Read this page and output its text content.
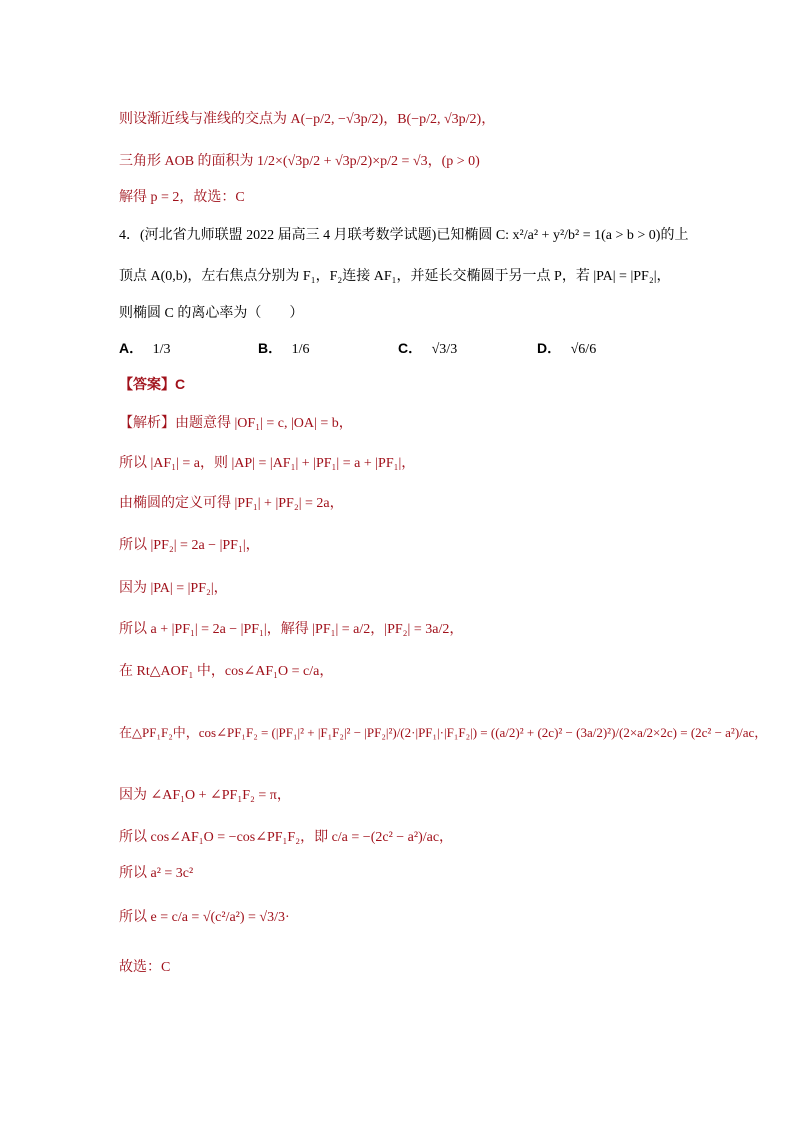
则设渐近线与准线的交点为 A(−p/2, −√3p/2)，B(−p/2, √3p/2)，
三角形 AOB 的面积为 1/2×(√3p/2 + √3p/2)×p/2 = √3，(p > 0)
解得 p = 2，故选：C
4．(河北省九师联盟 2022 届高三 4 月联考数学试题)已知椭圆 C: x²/a² + y²/b² = 1(a > b > 0)的上
顶点 A(0,b)，左右焦点分别为 F₁，F₂连接 AF₁，并延长交椭圆于另一点 P，若 |PA| = |PF₂|，
则椭圆 C 的离心率为（　　）
A． 1/3	B． 1/6	C． √3/3	D． √6/6
【答案】C
【解析】由题意得 |OF₁| = c, |OA| = b，
所以 |AF₁| = a，则 |AP| = |AF₁| + |PF₁| = a + |PF₁|，
由椭圆的定义可得 |PF₁| + |PF₂| = 2a，
所以 |PF₂| = 2a − |PF₁|，
因为 |PA| = |PF₂|，
所以 a + |PF₁| = 2a − |PF₁|，解得 |PF₁| = a/2，|PF₂| = 3a/2，
在 Rt△AOF₁ 中，cos∠AF₁O = c/a，
在△PF₁F₂中，cos∠PF₁F₂ = (|PF₁|² + |F₁F₂|² − |PF₂|²)/(2·|PF₁|·|F₁F₂|) = ((a/2)² + (2c)² − (3a/2)²)/(2×a/2×2c) = (2c² − a²)/ac，
因为 ∠AF₁O + ∠PF₁F₂ = π，
所以 cos∠AF₁O = −cos∠PF₁F₂，即 c/a = −(2c² − a²)/ac，
所以 a² = 3c²
所以 e = c/a = √(c²/a²) = √3/3·
故选：C
